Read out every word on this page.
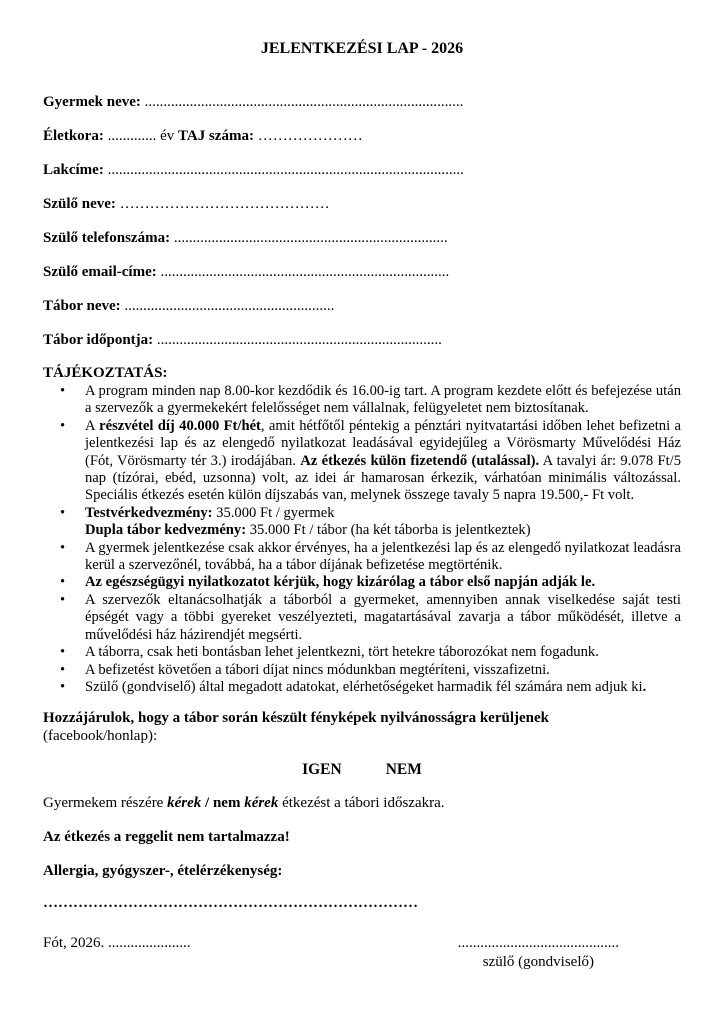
JELENTKEZÉSI LAP - 2026
Gyermek neve: .....................................................................................
Életkora: ............. év TAJ száma: …………………
Lakcíme: ...............................................................................................
Szülő neve: ……………………………………
Szülő telefonszáma: .........................................................................
Szülő email-címe: .............................................................................
Tábor neve: ........................................................
Tábor időpontja: ............................................................................
TÁJÉKOZTATÁS:
• A program minden nap 8.00-kor kezdődik és 16.00-ig tart. A program kezdete előtt és befejezése után a szervezők a gyermekekért felelősséget nem vállalnak, felügyeletet nem biztosítanak.
• A részvétel díj 40.000 Ft/hét, amit hétfőtől péntekig a pénztári nyitvatartási időben lehet befizetni a jelentkezési lap és az elengedő nyilatkozat leadásával egyidejűleg a Vörösmarty Művelődési Ház (Fót, Vörösmarty tér 3.) irodájában. Az étkezés külön fizetendő (utalással). A tavalyi ár: 9.078 Ft/5 nap (tízórai, ebéd, uzsonna) volt, az idei ár hamarosan érkezik, várhatóan minimális változással. Speciális étkezés esetén külön díjszabás van, melynek összege tavaly 5 napra 19.500,- Ft volt.
• Testvérkedvezmény: 35.000 Ft / gyermek
Dupla tábor kedvezmény: 35.000 Ft / tábor (ha két táborba is jelentkeztek)
• A gyermek jelentkezése csak akkor érvényes, ha a jelentkezési lap és az elengedő nyilatkozat leadásra kerül a szervezőnél, továbbá, ha a tábor díjának befizetése megtörténik.
• Az egészségügyi nyilatkozatot kérjük, hogy kizárólag a tábor első napján adják le.
• A szervezők eltanácsolhatják a táborból a gyermeket, amennyiben annak viselkedése saját testi épségét vagy a többi gyereket veszélyezteti, magatartásával zavarja a tábor működését, illetve a művelődési ház házirendjét megsérti.
• A táborra, csak heti bontásban lehet jelentkezni, tört hetekre táborozókat nem fogadunk.
• A befizetést követően a tábori díjat nincs módunkban megtéríteni, visszafizetni.
• Szülő (gondviselő) által megadott adatokat, elérhetőségeket harmadik fél számára nem adjuk ki.
Hozzájárulok, hogy a tábor során készült fényképek nyilvánosságra kerüljenek
(facebook/honlap):
IGEN	NEM
Gyermekem részére kérek / nem kérek étkezést a tábori időszakra.
Az étkezés a reggelit nem tartalmazza!
Allergia, gyógyszer-, ételérzékenység:
…………………………………………………………………
Fót, 2026. ......................	...........................................
szülő (gondviselő)
